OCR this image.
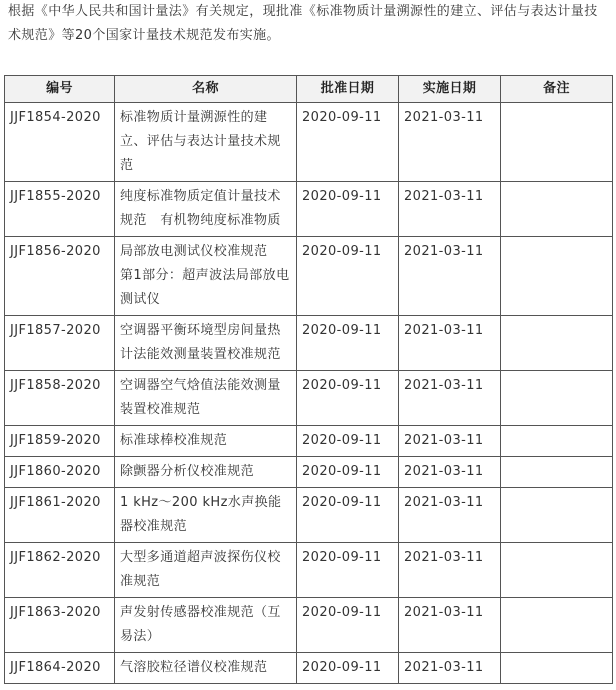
根据《中华人民共和国计量法》有关规定，现批准《标准物质计量溯源性的建立、评估与表达计量技术规范》等20个国家计量技术规范发布实施。

编号	名称	批准日期	实施日期	备注
JJF1854-2020	标准物质计量溯源性的建立、评估与表达计量技术规范	2020-09-11	2021-03-11	
JJF1855-2020	纯度标准物质定值计量技术规范　有机物纯度标准物质	2020-09-11	2021-03-11	
JJF1856-2020	局部放电测试仪校准规范　第1部分：超声波法局部放电测试仪	2020-09-11	2021-03-11	
JJF1857-2020	空调器平衡环境型房间量热计法能效测量装置校准规范	2020-09-11	2021-03-11	
JJF1858-2020	空调器空气焓值法能效测量装置校准规范	2020-09-11	2021-03-11	
JJF1859-2020	标准球棒校准规范	2020-09-11	2021-03-11	
JJF1860-2020	除颤器分析仪校准规范	2020-09-11	2021-03-11	
JJF1861-2020	1 kHz～200 kHz水声换能器校准规范	2020-09-11	2021-03-11	
JJF1862-2020	大型多通道超声波探伤仪校准规范	2020-09-11	2021-03-11	
JJF1863-2020	声发射传感器校准规范（互易法）	2020-09-11	2021-03-11	
JJF1864-2020	气溶胶粒径谱仪校准规范	2020-09-11	2021-03-11	
